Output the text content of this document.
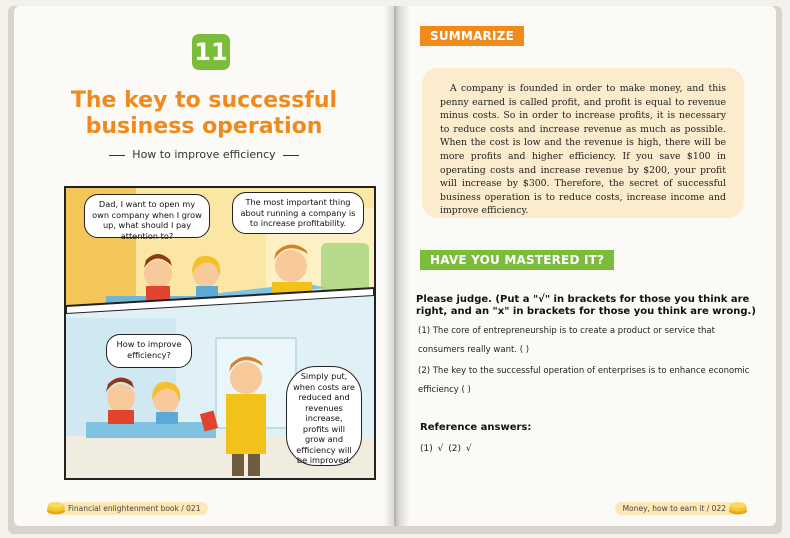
11
The key to successful
business operation
How to improve efficiency
Dad, I want to open my own company when I grow up, what should I pay attention to?
The most important thing about running a company is to increase profitability.
How to improve efficiency?
Simply put, when costs are reduced and revenues increase, profits will grow and efficiency will be improved.
Financial enlightenment book / 021
SUMMARIZE
A company is founded in order to make money, and this penny earned is called profit, and profit is equal to revenue minus costs. So in order to increase profits, it is necessary to reduce costs and increase revenue as much as possible. When the cost is low and the revenue is high, there will be more profits and higher efficiency. If you save $100 in operating costs and increase revenue by $200, your profit will increase by $300. Therefore, the secret of successful business operation is to reduce costs, increase income and improve efficiency.
HAVE YOU MASTERED IT?
Please judge. (Put a "√" in brackets for those you think are right, and an "x" in brackets for those you think are wrong.)
(1) The core of entrepreneurship is to create a product or service that consumers really want. ( )
(2) The key to the successful operation of enterprises is to enhance economic efficiency ( )
Reference answers:
(1) √ (2) √
Money, how to earn it / 022
